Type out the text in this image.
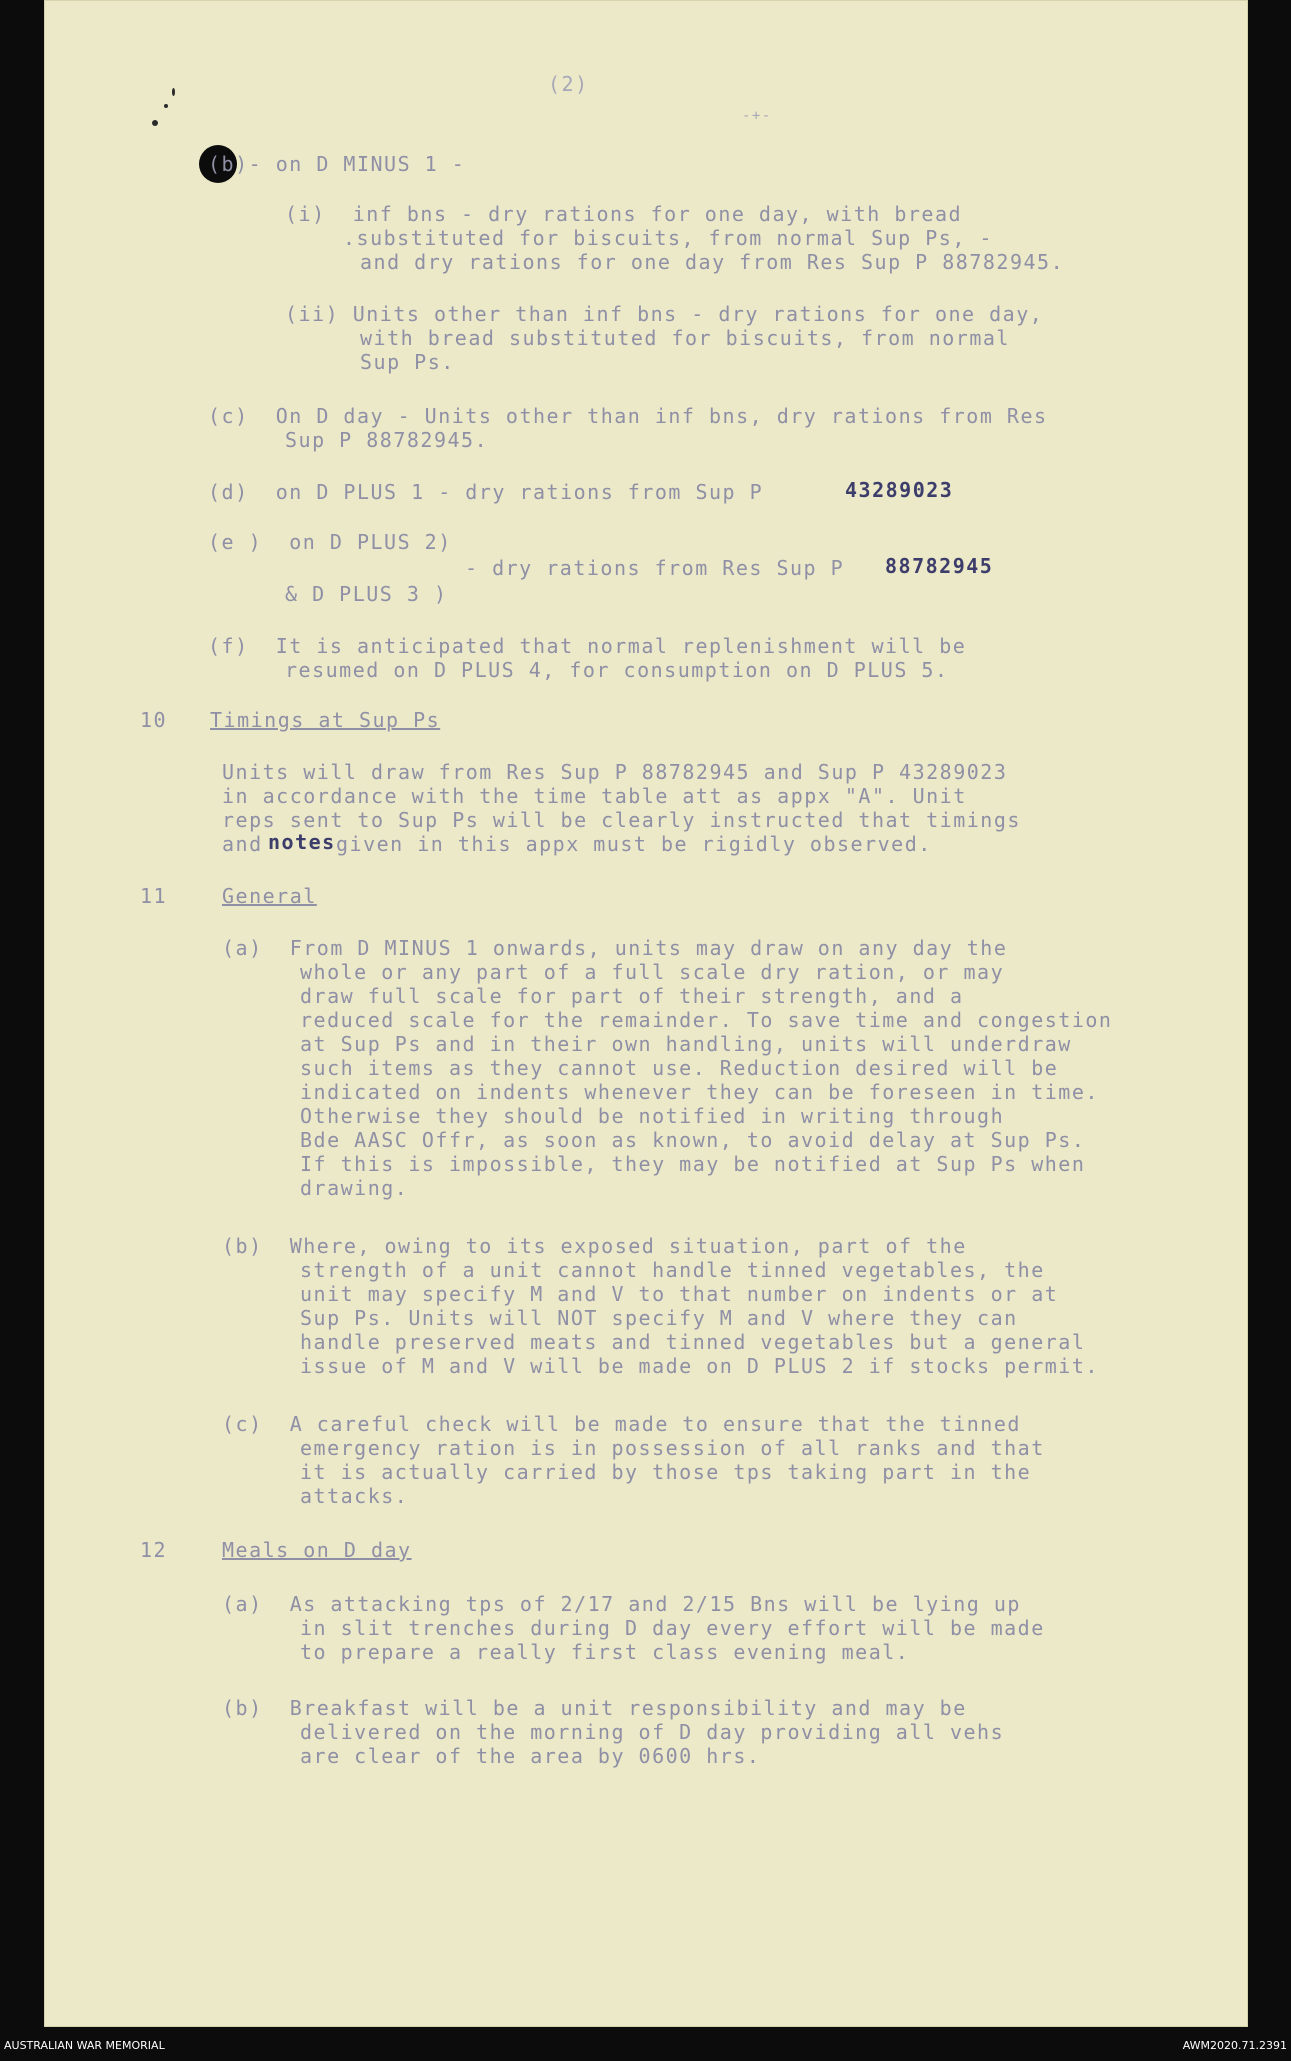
(2)
-+-
(b)- on D MINUS 1 -
(i)  inf bns - dry rations for one day, with bread
.substituted for biscuits, from normal Sup Ps, -
and dry rations for one day from Res Sup P 88782945.
(ii) Units other than inf bns - dry rations for one day,
with bread substituted for biscuits, from normal
Sup Ps.
(c)  On D day - Units other than inf bns, dry rations from Res
Sup P 88782945.
(d)  on D PLUS 1 - dry rations from Sup P
(e )  on D PLUS 2)
- dry rations from Res Sup P
& D PLUS 3 )
(f)  It is anticipated that normal replenishment will be
resumed on D PLUS 4, for consumption on D PLUS 5.
10 Timings at Sup Ps
Units will draw from Res Sup P 88782945 and Sup P 43289023
in accordance with the time table att as appx "A". Unit
reps sent to Sup Ps will be clearly instructed that timings
and	given in this appx must be rigidly observed.
11	General
(a)  From D MINUS 1 onwards, units may draw on any day the
whole or any part of a full scale dry ration, or may
draw full scale for part of their strength, and a
reduced scale for the remainder. To save time and congestion
at Sup Ps and in their own handling, units will underdraw
such items as they cannot use. Reduction desired will be
indicated on indents whenever they can be foreseen in time.
Otherwise they should be notified in writing through
Bde AASC Offr, as soon as known, to avoid delay at Sup Ps.
If this is impossible, they may be notified at Sup Ps when
drawing.
(b)  Where, owing to its exposed situation, part of the
strength of a unit cannot handle tinned vegetables, the
unit may specify M and V to that number on indents or at
Sup Ps. Units will NOT specify M and V where they can
handle preserved meats and tinned vegetables but a general
issue of M and V will be made on D PLUS 2 if stocks permit.
(c)  A careful check will be made to ensure that the tinned
emergency ration is in possession of all ranks and that
it is actually carried by those tps taking part in the
attacks.
12	Meals on D day
(a)  As attacking tps of 2/17 and 2/15 Bns will be lying up
in slit trenches during D day every effort will be made
to prepare a really first class evening meal.
(b)  Breakfast will be a unit responsibility and may be
delivered on the morning of D day providing all vehs
are clear of the area by 0600 hrs.
43289023
88782945
notes
AUSTRALIAN WAR MEMORIAL	AWM2020.71.2391
